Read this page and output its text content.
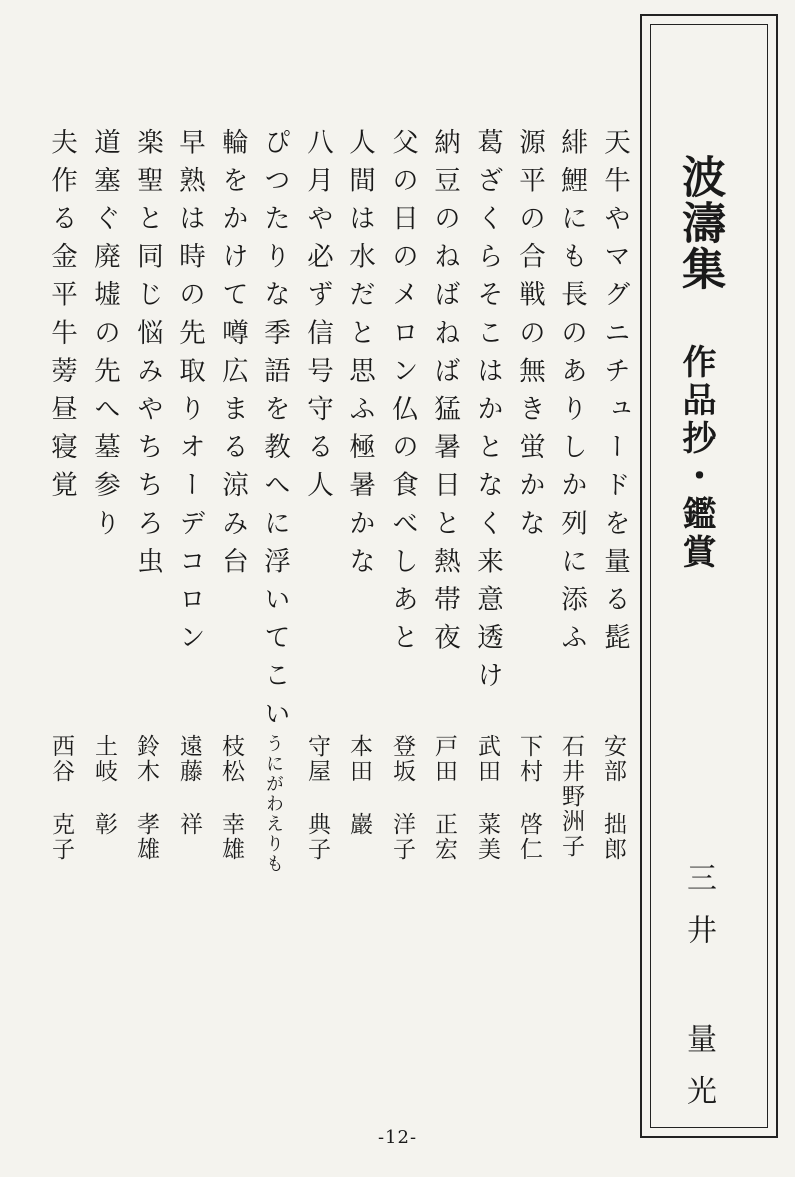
波濤集
作品抄・鑑賞
三井 量光
天牛やマグニチュードを量る髭
緋鯉にも長のありしか列に添ふ
源平の合戦の無き蛍かな
葛ざくらそこはかとなく来意透け
納豆のねばねば猛暑日と熱帯夜
父の日のメロン仏の食べしあと
人間は水だと思ふ極暑かな
八月や必ず信号守る人
ぴつたりな季語を教へに浮いてこい
輪をかけて噂広まる涼み台
早熟は時の先取りオーデコロン
楽聖と同じ悩みやちちろ虫
道塞ぐ廃墟の先へ墓参り
夫作る金平牛蒡昼寝覚
安部 拙郎
石井野洲子
下村 啓仁
武田 菜美
戸田 正宏
登坂 洋子
本田 巖
守屋 典子
うにがわえりも
枝松 幸雄
遠藤 祥
鈴木 孝雄
土岐 彰
西谷 克子
-12-
